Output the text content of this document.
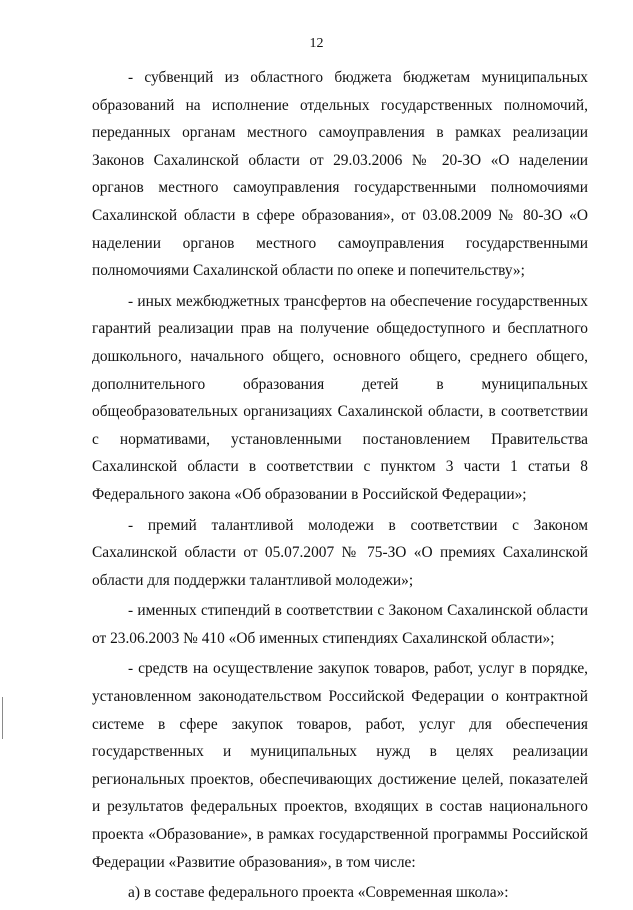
12

- субвенций из областного бюджета бюджетам муниципальных образований на исполнение отдельных государственных полномочий, переданных органам местного самоуправления в рамках реализации Законов Сахалинской области от 29.03.2006 № 20-ЗО «О наделении органов местного самоуправления государственными полномочиями Сахалинской области в сфере образования», от 03.08.2009 № 80-ЗО «О наделении органов местного самоуправления государственными полномочиями Сахалинской области по опеке и попечительству»;

- иных межбюджетных трансфертов на обеспечение государственных гарантий реализации прав на получение общедоступного и бесплатного дошкольного, начального общего, основного общего, среднего общего, дополнительного образования детей в муниципальных общеобразовательных организациях Сахалинской области, в соответствии с нормативами, установленными постановлением Правительства Сахалинской области в соответствии с пунктом 3 части 1 статьи 8 Федерального закона «Об образовании в Российской Федерации»;

- премий талантливой молодежи в соответствии с Законом Сахалинской области от 05.07.2007 № 75-ЗО «О премиях Сахалинской области для поддержки талантливой молодежи»;

- именных стипендий в соответствии с Законом Сахалинской области от 23.06.2003 № 410 «Об именных стипендиях Сахалинской области»;

- средств на осуществление закупок товаров, работ, услуг в порядке, установленном законодательством Российской Федерации о контрактной системе в сфере закупок товаров, работ, услуг для обеспечения государственных и муниципальных нужд в целях реализации региональных проектов, обеспечивающих достижение целей, показателей и результатов федеральных проектов, входящих в состав национального проекта «Образование», в рамках государственной программы Российской Федерации «Развитие образования», в том числе:

а) в составе федерального проекта «Современная школа»:
